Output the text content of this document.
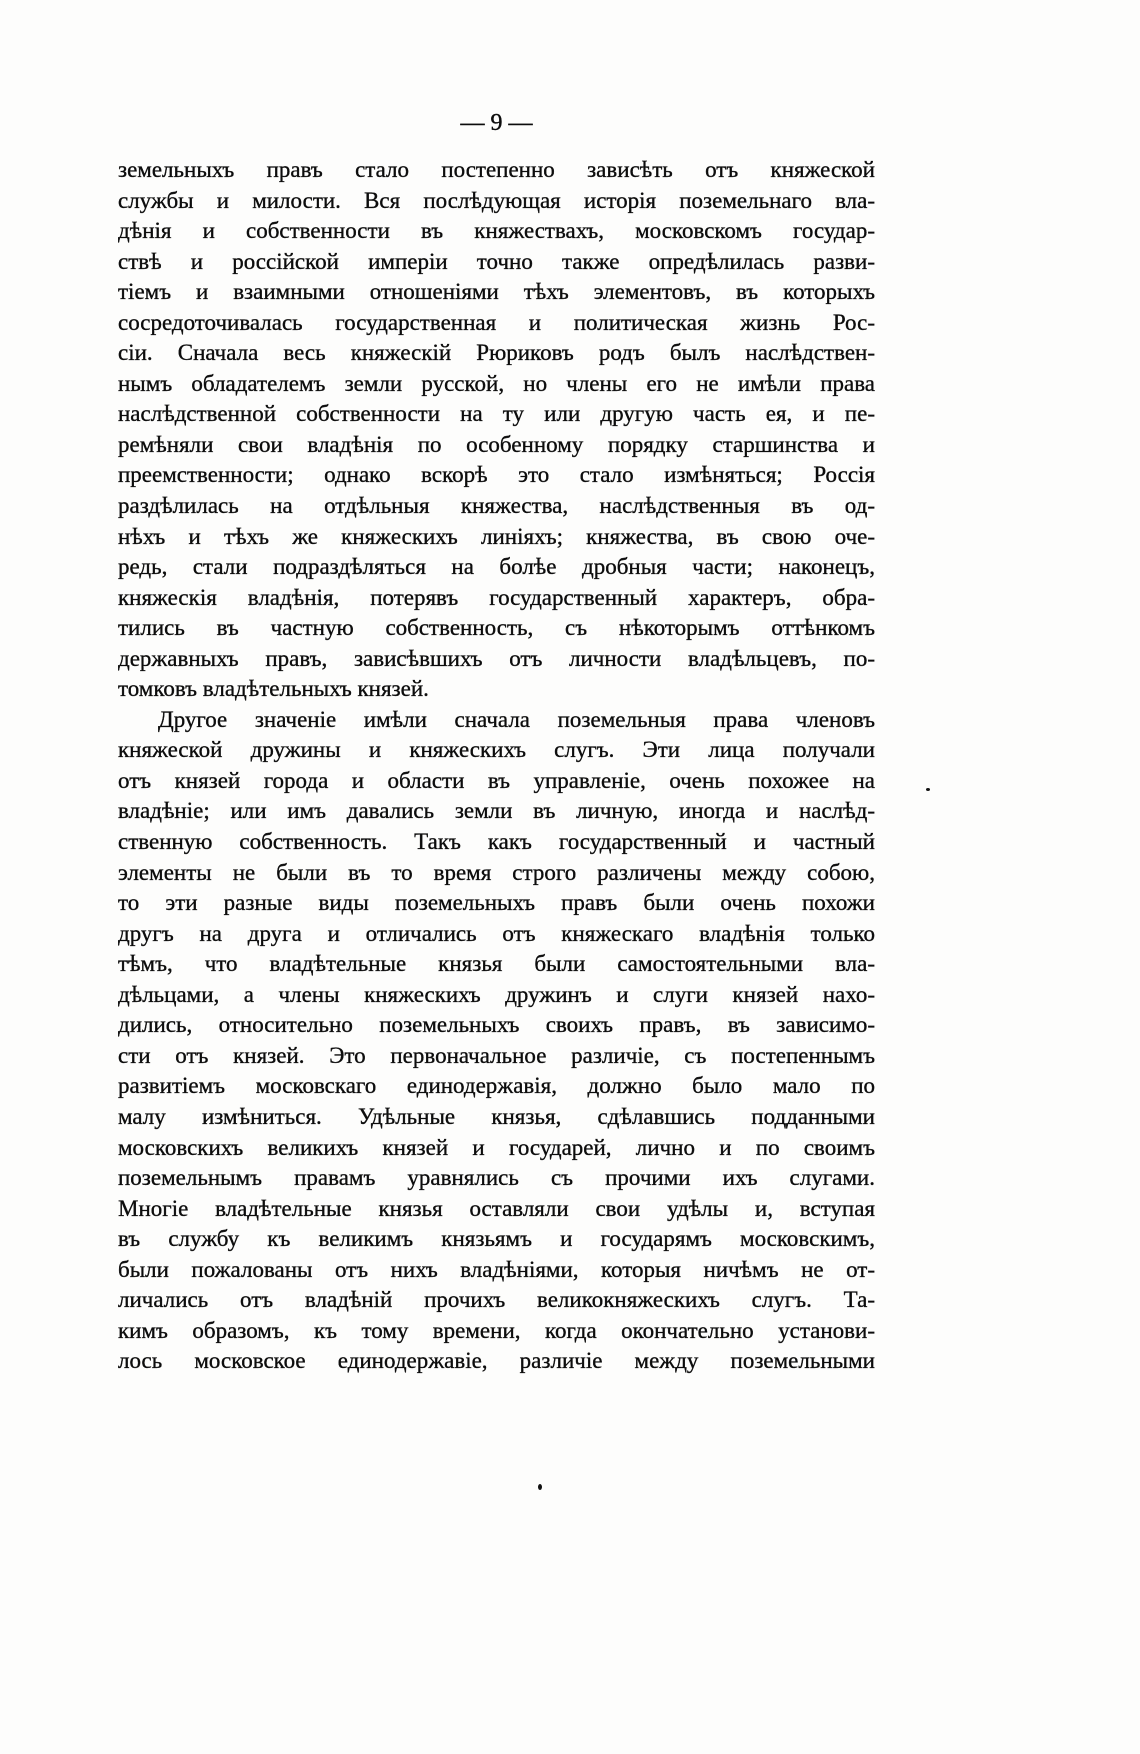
— 9 —
земельныхъ правъ стало постепенно зависѣть отъ княжеской
службы и милости. Вся послѣдующая исторія поземельнаго вла-
дѣнія и собственности въ княжествахъ, московскомъ государ-
ствѣ и россійской имперіи точно также опредѣлилась разви-
тіемъ и взаимными отношеніями тѣхъ элементовъ, въ которыхъ
сосредоточивалась государственная и политическая жизнь Рос-
сіи. Сначала весь княжескій Рюриковъ родъ былъ наслѣдствен-
нымъ обладателемъ земли русской, но члены его не имѣли права
наслѣдственной собственности на ту или другую часть ея, и пе-
ремѣняли свои владѣнія по особенному порядку старшинства и
преемственности; однако вскорѣ это стало измѣняться; Россія
раздѣлилась на отдѣльныя княжества, наслѣдственныя въ од-
нѣхъ и тѣхъ же княжескихъ линіяхъ; княжества, въ свою оче-
редь, стали подраздѣляться на болѣе дробныя части; наконецъ,
княжескія владѣнія, потерявъ государственный характеръ, обра-
тились въ частную собственность, съ нѣкоторымъ оттѣнкомъ
державныхъ правъ, зависѣвшихъ отъ личности владѣльцевъ, по-
томковъ владѣтельныхъ князей.
Другое значеніе имѣли сначала поземельныя права членовъ
княжеской дружины и княжескихъ слугъ. Эти лица получали
отъ князей города и области въ управленіе, очень похожее на
владѣніе; или имъ давались земли въ личную, иногда и наслѣд-
ственную собственность. Такъ какъ государственный и частный
элементы не были въ то время строго различены между собою,
то эти разные виды поземельныхъ правъ были очень похожи
другъ на друга и отличались отъ княжескаго владѣнія только
тѣмъ, что владѣтельные князья были самостоятельными вла-
дѣльцами, а члены княжескихъ дружинъ и слуги князей нахо-
дились, относительно поземельныхъ своихъ правъ, въ зависимо-
сти отъ князей. Это первоначальное различіе, съ постепеннымъ
развитіемъ московскаго единодержавія, должно было мало по
малу измѣниться. Удѣльные князья, сдѣлавшись подданными
московскихъ великихъ князей и государей, лично и по своимъ
поземельнымъ правамъ уравнялись съ прочими ихъ слугами.
Многіе владѣтельные князья оставляли свои удѣлы и, вступая
въ службу къ великимъ князьямъ и государямъ московскимъ,
были пожалованы отъ нихъ владѣніями, которыя ничѣмъ не от-
личались отъ владѣній прочихъ великокняжескихъ слугъ. Та-
кимъ образомъ, къ тому времени, когда окончательно установи-
лось московское единодержавіе, различіе между поземельными
